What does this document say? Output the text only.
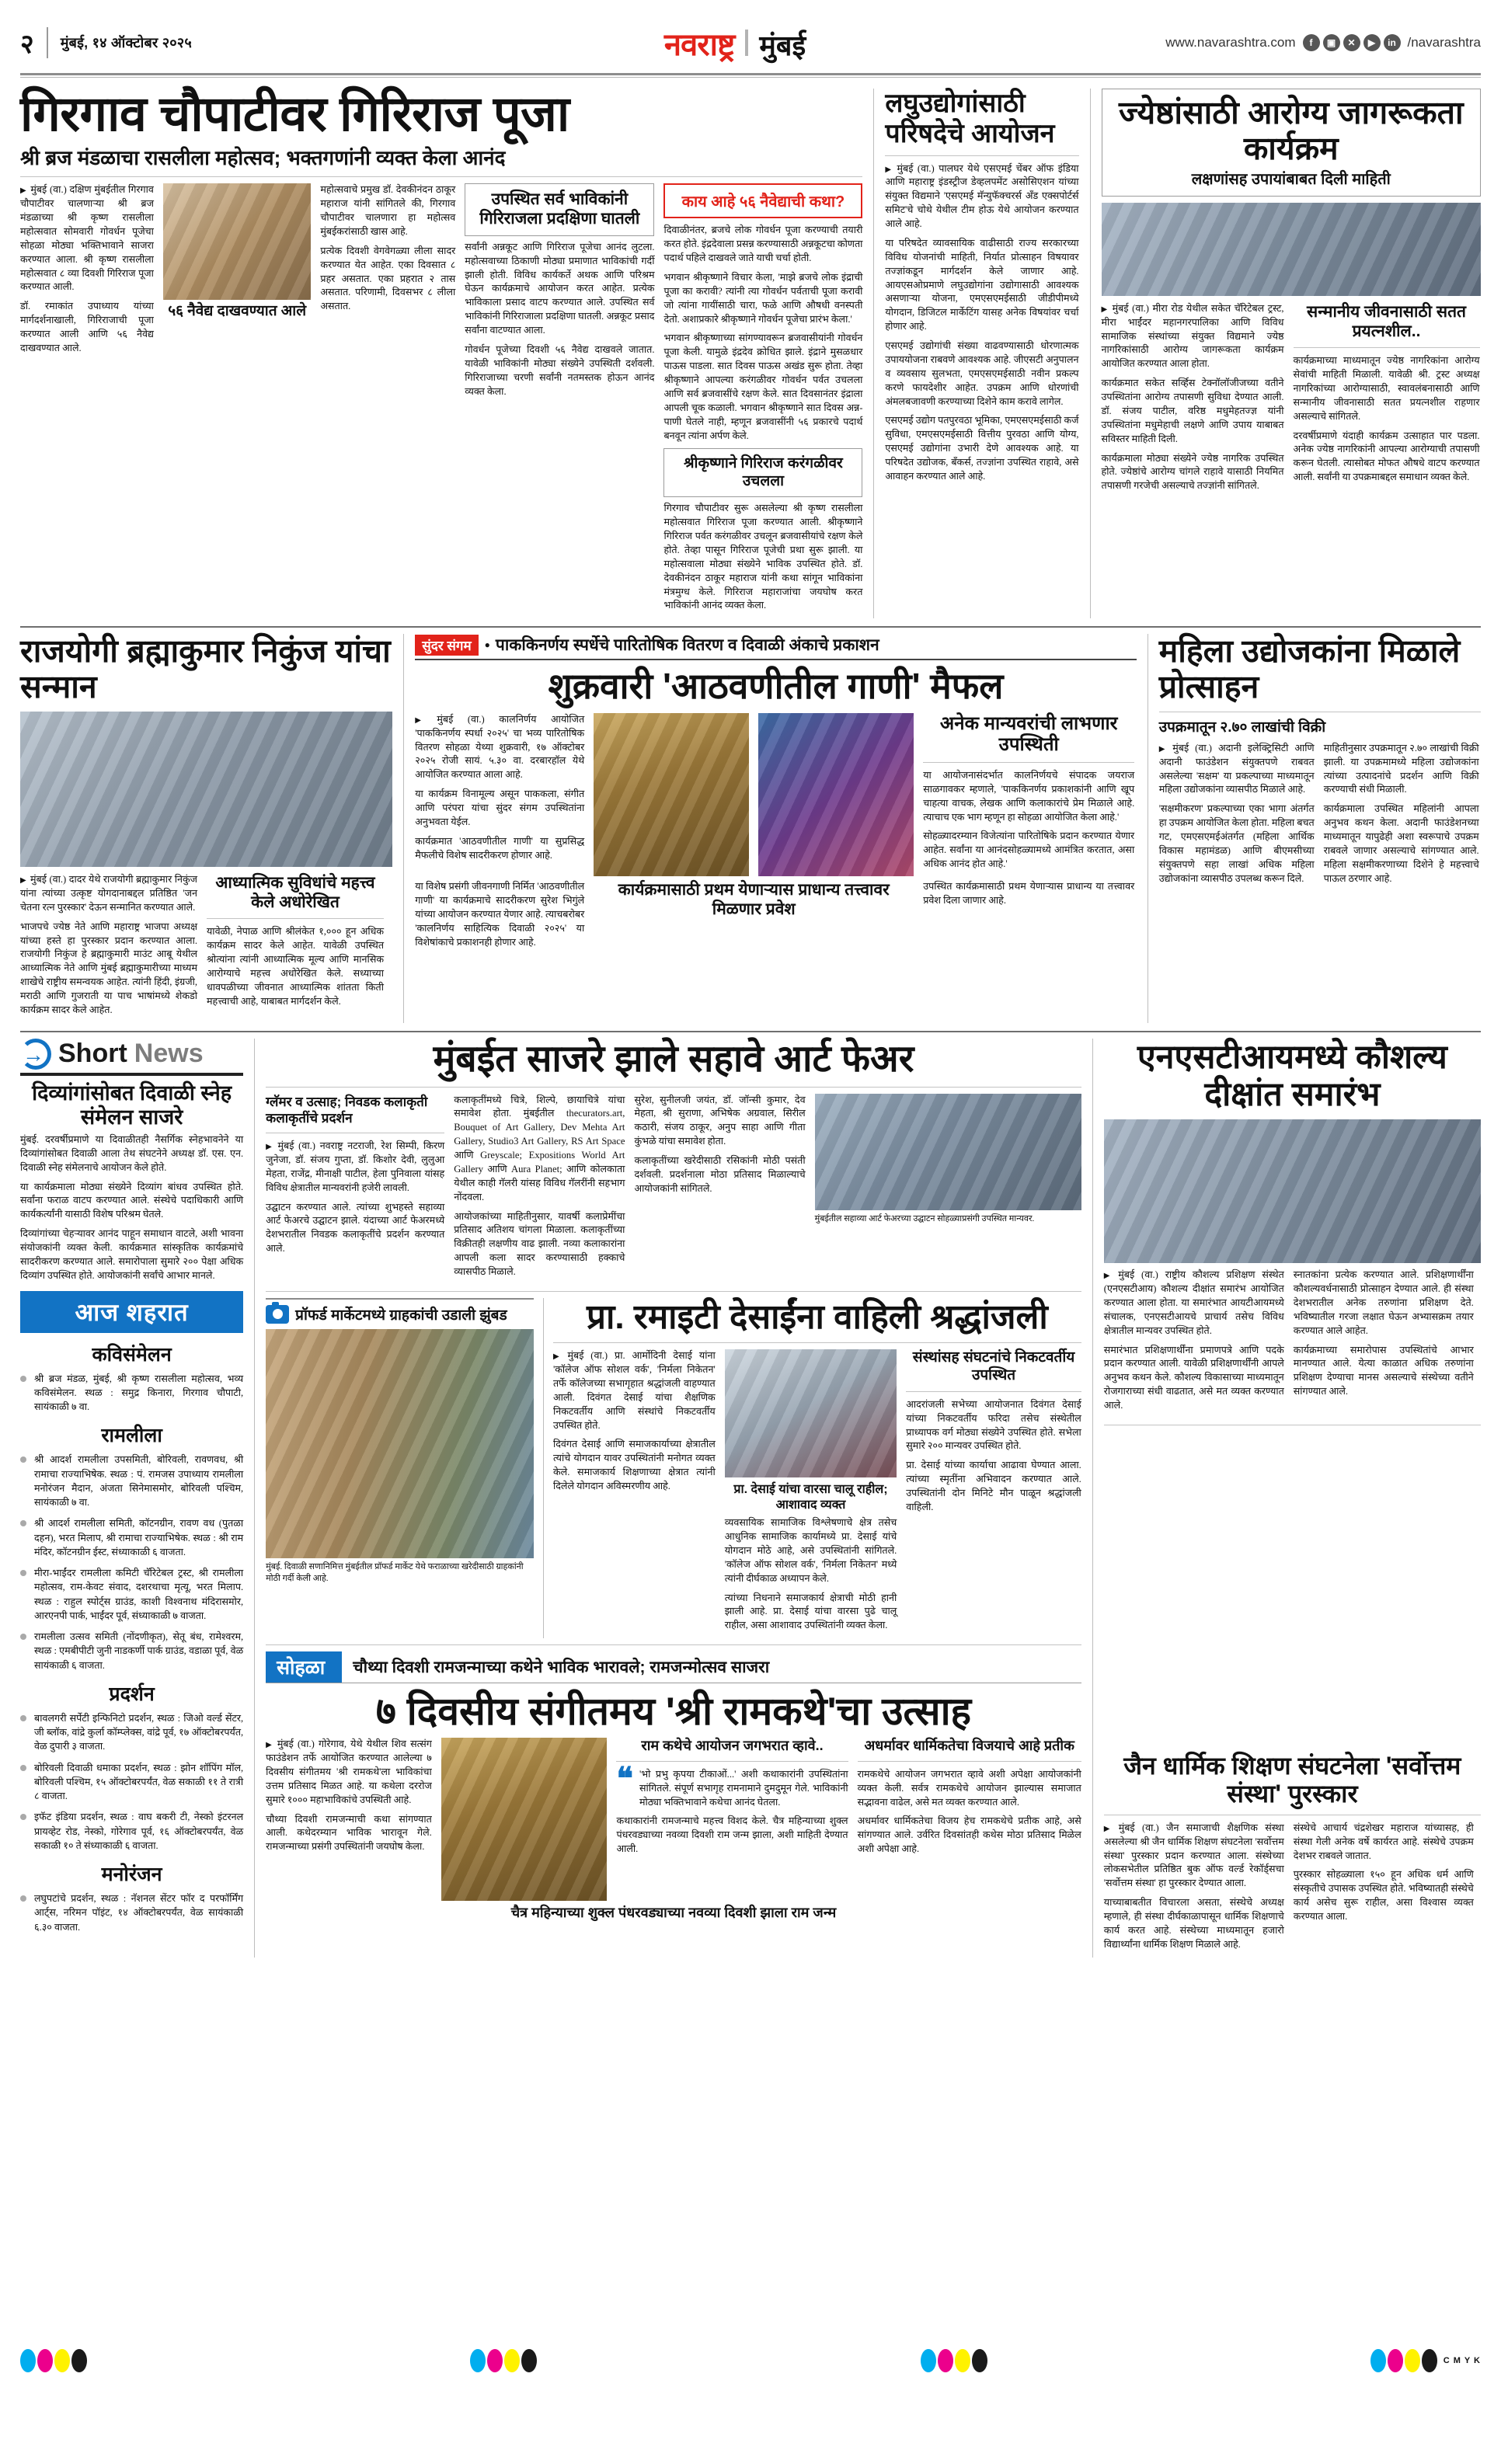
२	मुंबई, १४ ऑक्टोबर २०२५	नवराष्ट्र मुंबई	www.navarashtra.com	f	▣	✕	▶	in /navarashtra
गिरगाव चौपाटीवर गिरिराज पूजा
श्री ब्रज मंडळाचा रासलीला महोत्सव; भक्तगणांनी व्यक्त केला आनंद

▶ मुंबई (वा.) दक्षिण मुंबईतील गिरगाव चौपाटीवर चालणाऱ्या श्री ब्रज मंडळाच्या श्री कृष्ण रासलीला महोत्सवात सोमवारी गोवर्धन पूजेचा सोहळा मोठ्या भक्तिभावाने साजरा करण्यात आला. श्री कृष्ण रासलीला महोत्सवात ८ व्या दिवशी गिरिराज पूजा करण्यात आली.

डॉ. रमाकांत उपाध्याय यांच्या मार्गदर्शनाखाली, गिरिराजाची पूजा करण्यात आली आणि ५६ नैवेद्य दाखवण्यात आले.

५६ नैवेद्य दाखवण्यात आले

महोत्सवाचे प्रमुख डॉ. देवकीनंदन ठाकूर महाराज यांनी सांगितले की, गिरगाव चौपाटीवर चालणारा हा महोत्सव मुंबईकरांसाठी खास आहे.

प्रत्येक दिवशी वेगवेगळ्या लीला सादर करण्यात येत आहेत. एका दिवसात ८ प्रहर असतात. एका प्रहरात २ तास असतात. परिणामी, दिवसभर ८ लीला असतात.

उपस्थित सर्व भाविकांनी गिरिराजला प्रदक्षिणा घातली

सर्वांनी अन्नकूट आणि गिरिराज पूजेचा आनंद लुटला. महोत्सवाच्या ठिकाणी मोठ्या प्रमाणात भाविकांची गर्दी झाली होती. विविध कार्यकर्ते अथक आणि परिश्रम घेऊन कार्यक्रमाचे आयोजन करत आहेत. प्रत्येक भाविकाला प्रसाद वाटप करण्यात आले. उपस्थित सर्व भाविकांनी गिरिराजाला प्रदक्षिणा घातली. अन्नकूट प्रसाद सर्वांना वाटण्यात आला.

गोवर्धन पूजेच्या दिवशी ५६ नैवेद्य दाखवले जातात. यावेळी भाविकांनी मोठ्या संख्येने उपस्थिती दर्शवली. गिरिराजाच्या चरणी सर्वांनी नतमस्तक होऊन आनंद व्यक्त केला.

काय आहे ५६ नैवेद्याची कथा?

दिवाळीनंतर, ब्रजचे लोक गोवर्धन पूजा करण्याची तयारी करत होते. इंद्रदेवाला प्रसन्न करण्यासाठी अन्नकूटचा कोणता पदार्थ पहिले दाखवले जाते याची चर्चा होती.

भगवान श्रीकृष्णाने विचार केला, 'माझे ब्रजचे लोक इंद्राची पूजा का करावी? त्यांनी त्या गोवर्धन पर्वताची पूजा करावी जो त्यांना गायींसाठी चारा, फळे आणि औषधी वनस्पती देतो. अशाप्रकारे श्रीकृष्णाने गोवर्धन पूजेचा प्रारंभ केला.'

भगवान श्रीकृष्णाच्या सांगण्यावरून ब्रजवासीयांनी गोवर्धन पूजा केली. यामुळे इंद्रदेव क्रोधित झाले. इंद्राने मुसळधार पाऊस पाडला. सात दिवस पाऊस अखंड सुरू होता. तेव्हा श्रीकृष्णाने आपल्या करंगळीवर गोवर्धन पर्वत उचलला आणि सर्व ब्रजवासींचे रक्षण केले. सात दिवसानंतर इंद्राला आपली चूक कळाली. भगवान श्रीकृष्णाने सात दिवस अन्न-पाणी घेतले नाही, म्हणून ब्रजवासींनी ५६ प्रकारचे पदार्थ बनवून त्यांना अर्पण केले.

श्रीकृष्णाने गिरिराज करंगळीवर उचलला

गिरगाव चौपाटीवर सुरू असलेल्या श्री कृष्ण रासलीला महोत्सवात गिरिराज पूजा करण्यात आली. श्रीकृष्णाने गिरिराज पर्वत करंगळीवर उचलून ब्रजवासीयांचे रक्षण केले होते. तेव्हा पासून गिरिराज पूजेची प्रथा सुरू झाली. या महोत्सवाला मोठ्या संख्येने भाविक उपस्थित होते. डॉ. देवकीनंदन ठाकूर महाराज यांनी कथा सांगून भाविकांना मंत्रमुग्ध केले. गिरिराज महाराजांचा जयघोष करत भाविकांनी आनंद व्यक्त केला.

लघुउद्योगांसाठी परिषदेचे आयोजन

▶ मुंबई (वा.) पालघर येथे एसएमई चेंबर ऑफ इंडिया आणि महाराष्ट्र इंडस्ट्रीज डेव्हलपमेंट असोसिएशन यांच्या संयुक्त विद्यमाने 'एसएमई मॅन्युफॅक्चरर्स अँड एक्सपोर्टर्स समिट'चे चोथे येथील टीम होऊ येथे आयोजन करण्यात आले आहे.

या परिषदेत व्यावसायिक वाढीसाठी राज्य सरकारच्या विविध योजनांची माहिती, निर्यात प्रोत्साहन विषयावर तज्ज्ञांकडून मार्गदर्शन केले जाणार आहे. आयएसओप्रमाणे लघुउद्योगांना उद्योगासाठी आवश्यक असणाऱ्या योजना, एमएसएमईसाठी जीडीपीमध्ये योगदान, डिजिटल मार्केटिंग यासह अनेक विषयांवर चर्चा होणार आहे.

एसएमई उद्योगांची संख्या वाढवण्यासाठी धोरणात्मक उपाययोजना राबवणे आवश्यक आहे. जीएसटी अनुपालन व व्यवसाय सुलभता, एमएसएमईसाठी नवीन प्रकल्प करणे फायदेशीर आहेत. उपक्रम आणि धोरणांची अंमलबजावणी करण्याच्या दिशेने काम करावे लागेल.

एसएमई उद्योग पतपुरवठा भूमिका, एमएसएमईसाठी कर्ज सुविधा, एमएसएमईसाठी वित्तीय पुरवठा आणि योग्य, एसएमई उद्योगांना उभारी देणे आवश्यक आहे. या परिषदेत उद्योजक, बँकर्स, तज्ज्ञांना उपस्थित राहावे, असे आवाहन करण्यात आले आहे.

ज्येष्ठांसाठी आरोग्य जागरूकता कार्यक्रम
लक्षणांसह उपायांबाबत दिली माहिती

▶ मुंबई (वा.) मीरा रोड येथील सकेत चॅरिटेबल ट्रस्ट, मीरा भाईंदर महानगरपालिका आणि विविध सामाजिक संस्थांच्या संयुक्त विद्यमाने ज्येष्ठ नागरिकांसाठी आरोग्य जागरूकता कार्यक्रम आयोजित करण्यात आला होता.

कार्यक्रमात सकेत सर्व्हिस टेक्नॉलॉजीजच्या वतीने उपस्थितांना आरोग्य तपासणी सुविधा देण्यात आली. डॉ. संजय पाटील, वरिष्ठ मधुमेहतज्ज्ञ यांनी उपस्थितांना मधुमेहाची लक्षणे आणि उपाय याबाबत सविस्तर माहिती दिली.

कार्यक्रमाला मोठ्या संख्येने ज्येष्ठ नागरिक उपस्थित होते. ज्येष्ठांचे आरोग्य चांगले राहावे यासाठी नियमित तपासणी गरजेची असल्याचे तज्ज्ञांनी सांगितले.

सन्मानीय जीवनासाठी सतत प्रयत्नशील..

कार्यक्रमाच्या माध्यमातून ज्येष्ठ नागरिकांना आरोग्य सेवांची माहिती मिळाली. यावेळी श्री. ट्रस्ट अध्यक्ष नागरिकांच्या आरोग्यासाठी, स्वावलंबनासाठी आणि सन्मानीय जीवनासाठी सतत प्रयत्नशील राहणार असल्याचे सांगितले.

दरवर्षीप्रमाणे यंदाही कार्यक्रम उत्साहात पार पडला. अनेक ज्येष्ठ नागरिकांनी आपल्या आरोग्याची तपासणी करून घेतली. त्यासोबत मोफत औषधे वाटप करण्यात आली. सर्वांनी या उपक्रमाबद्दल समाधान व्यक्त केले.

राजयोगी ब्रह्माकुमार निकुंज यांचा सन्मान

▶ मुंबई (वा.) दादर येथे राजयोगी ब्रह्माकुमार निकुंज यांना त्यांच्या उत्कृष्ट योगदानाबद्दल प्रतिष्ठित 'जन चेतना रत्न पुरस्कार' देऊन सन्मानित करण्यात आले.

भाजपचे ज्येष्ठ नेते आणि महाराष्ट्र भाजपा अध्यक्ष यांच्या हस्ते हा पुरस्कार प्रदान करण्यात आला. राजयोगी निकुंज हे ब्रह्माकुमारी माउंट आबू येथील आध्यात्मिक नेते आणि मुंबई ब्रह्माकुमारीच्या माध्यम शाखेचे राष्ट्रीय समन्वयक आहेत. त्यांनी हिंदी, इंग्रजी, मराठी आणि गुजराती या पाच भाषांमध्ये शेकडो कार्यक्रम सादर केले आहेत.

आध्यात्मिक सुविधांचे महत्त्व केले अधोरेखित

यावेळी, नेपाळ आणि श्रीलंकेत १,००० हून अधिक कार्यक्रम सादर केले आहेत. यावेळी उपस्थित श्रोत्यांना त्यांनी आध्यात्मिक मूल्य आणि मानसिक आरोग्याचे महत्त्व अधोरेखित केले. सध्याच्या धावपळीच्या जीवनात आध्यात्मिक शांतता किती महत्त्वाची आहे, याबाबत मार्गदर्शन केले.

सुंदर संगम	● पाककिनर्णय स्पर्धेचे पारितोषिक वितरण व दिवाळी अंकाचे प्रकाशन
शुक्रवारी 'आठवणीतील गाणी' मैफल

▶ मुंबई (वा.) कालनिर्णय आयोजित 'पाककिनर्णय स्पर्धा २०२५' चा भव्य पारितोषिक वितरण सोहळा येथ्या शुक्रवारी, १७ ऑक्टोबर २०२५ रोजी सायं. ५.३० वा. दरबारहॉल येथे आयोजित करण्यात आला आहे.

या कार्यक्रम विनामूल्य असून पाककला, संगीत आणि परंपरा यांचा सुंदर संगम उपस्थितांना अनुभवता येईल.

कार्यक्रमात 'आठवणीतील गाणी' या सुप्रसिद्ध मैफलीचे विशेष सादरीकरण होणार आहे.

अनेक मान्यवरांची लाभणार उपस्थिती

या आयोजनासंदर्भात कालनिर्णयचे संपादक जयराज साळगावकर म्हणाले, 'पाककिनर्णय प्रकाशकांनी आणि खूप चाहत्या वाचक, लेखक आणि कलाकारांचे प्रेम मिळाले आहे. त्याचाच एक भाग म्हणून हा सोहळा आयोजित केला आहे.'

सोहळ्यादरम्यान विजेत्यांना पारितोषिके प्रदान करण्यात येणार आहेत. सर्वांना या आनंदसोहळ्यामध्ये आमंत्रित करतात, असा अधिक आनंद होत आहे.'

या विशेष प्रसंगी जीवनगाणी निर्मित 'आठवणीतील गाणी' या कार्यक्रमाचे सादरीकरण सुरेश भिगुंले यांच्या आयोजन करण्यात येणार आहे. त्याचबरोबर 'कालनिर्णय साहित्यिक दिवाळी २०२५' या विशेषांकाचे प्रकाशनही होणार आहे.

कार्यक्रमासाठी प्रथम येणाऱ्यास प्राधान्य तत्त्वावर मिळणार प्रवेश

उपस्थित कार्यक्रमासाठी प्रथम येणाऱ्यास प्राधान्य या तत्त्वावर प्रवेश दिला जाणार आहे.

महिला उद्योजकांना मिळाले प्रोत्साहन
उपक्रमातून २.७० लाखांची विक्री

▶ मुंबई (वा.) अदानी इलेक्ट्रिसिटी आणि अदानी फाउंडेशन संयुक्तपणे राबवत असलेल्या 'सक्षम' या प्रकल्पाच्या माध्यमातून महिला उद्योजकांना व्यासपीठ मिळाले आहे.

'सक्षमीकरण' प्रकल्पाच्या एका भागा अंतर्गत हा उपक्रम आयोजित केला होता. महिला बचत गट, एमएसएमईअंतर्गत (महिला आर्थिक विकास महामंडळ) आणि बीएमसीच्या संयुक्तपणे सहा लाखां अधिक महिला उद्योजकांना व्यासपीठ उपलब्ध करून दिले.

माहितीनुसार उपक्रमातून २.७० लाखांची विक्री झाली. या उपक्रमामध्ये महिला उद्योजकांना त्यांच्या उत्पादनांचे प्रदर्शन आणि विक्री करण्याची संधी मिळाली.

कार्यक्रमाला उपस्थित महिलांनी आपला अनुभव कथन केला. अदानी फाउंडेशनच्या माध्यमातून यापुढेही अशा स्वरूपाचे उपक्रम राबवले जाणार असल्याचे सांगण्यात आले. महिला सक्षमीकरणाच्या दिशेने हे महत्त्वाचे पाऊल ठरणार आहे.

→
Short News
दिव्यांगांसोबत दिवाळी स्नेह संमेलन साजरे

मुंबई. दरवर्षीप्रमाणे या दिवाळीतही नैसर्गिक स्नेहभावनेने या दिव्यांगांसोबत दिवाळी आला तेथ संघटनेने अध्यक्ष डॉ. एस. एन. दिवाळी स्नेह संमेलनाचे आयोजन केले होते.

या कार्यक्रमाला मोठ्या संख्येने दिव्यांग बांधव उपस्थित होते. सर्वांना फराळ वाटप करण्यात आले. संस्थेचे पदाधिकारी आणि कार्यकर्त्यांनी यासाठी विशेष परिश्रम घेतले.

दिव्यांगांच्या चेहऱ्यावर आनंद पाहून समाधान वाटले, अशी भावना संयोजकांनी व्यक्त केली. कार्यक्रमात सांस्कृतिक कार्यक्रमांचे सादरीकरण करण्यात आले. समारोपाला सुमारे २०० पेक्षा अधिक दिव्यांग उपस्थित होते. आयोजकांनी सर्वांचे आभार मानले.

आज शहरात
कविसंमेलन
श्री ब्रज मंडळ, मुंबई, श्री कृष्ण रासलीला महोत्सव, भव्य कविसंमेलन. स्थळ : समुद्र किनारा, गिरगाव चौपाटी, सायंकाळी ७ वा.
रामलीला
श्री आदर्श रामलीला उपसमिती, बोरिवली, रावणवध, श्री रामाचा राज्याभिषेक. स्थळ : पं. रामजस उपाध्याय रामलीला मनोरंजन मैदान, अंजता सिनेमासमोर, बोरिवली पश्चिम, सायंकाळी ७ वा.
श्री आदर्श रामलीला समिती, कॉटनग्रीन, रावण वध (पुतळा दहन), भरत मिलाप, श्री रामाचा राज्याभिषेक. स्थळ : श्री राम मंदिर, कॉटनग्रीन ईस्ट, संध्याकाळी ६ वाजता.
मीरा-भाईंदर रामलीला कमिटी चॅरिटेबल ट्रस्ट, श्री रामलीला महोत्सव, राम-केवट संवाद, दशरथाचा मृत्यू, भरत मिलाप. स्थळ : राहुल स्पोर्ट्स ग्राउंड, काशी विश्वनाथ मंदिरासमोर, आरएनपी पार्क, भाईंदर पूर्व, संध्याकाळी ७ वाजता.
रामलीला उत्सव समिती (नोंदणीकृत), सेतू बंध, रामेश्वरम, स्थळ : एमबीपीटी जुनी नाडकर्णी पार्क ग्राउंड, वडाळा पूर्व, वेळ सायंकाळी ६ वाजता.
प्रदर्शन
बावलगरी सर्पेटी इन्फिनिटो प्रदर्शन, स्थळ : जिओ वर्ल्ड सेंटर, जी ब्लॉक, वांद्रे कुर्ला कॉम्प्लेक्स, वांद्रे पूर्व, १७ ऑक्टोबरपर्यंत, वेळ दुपारी ३ वाजता.
बोरिवली दिवाळी धमाका प्रदर्शन, स्थळ : झोन शॉपिंग मॉल, बोरिवली पश्चिम, १५ ऑक्टोबरपर्यंत, वेळ सकाळी ११ ते रात्री ८ वाजता.
इफॅट इंडिया प्रदर्शन, स्थळ : वाघ बकरी टी, नेस्को इंटरनल प्रायव्हेट रोड, नेस्को, गोरेगाव पूर्व, १६ ऑक्टोबरपर्यंत, वेळ सकाळी १० ते संध्याकाळी ६ वाजता.
मनोरंजन
लघुपटांचे प्रदर्शन, स्थळ : नॅशनल सेंटर फॉर द परफॉर्मिंग आर्ट्स, नरिमन पॉइंट, १४ ऑक्टोबरपर्यंत, वेळ सायंकाळी ६.३० वाजता.
मुंबईत साजरे झाले सहावे आर्ट फेअर
ग्लॅमर व उत्साह; निवडक कलाकृती कलाकृतींचे प्रदर्शन

▶ मुंबई (वा.) नवराष्ट्र नटराजी, रेश सिम्पी, किरण जुनेजा, डॉ. संजय गुप्ता, डॉ. किशोर देवी, लुलुआ मेहता, राजेंद्र, मीनाक्षी पाटील, हेला पुनिवाला यांसह विविध क्षेत्रातील मान्यवरांनी हजेरी लावली.

उद्घाटन करण्यात आले. त्यांच्या शुभहस्ते सहाव्या आर्ट फेअरचे उद्घाटन झाले. यंदाच्या आर्ट फेअरमध्ये देशभरातील निवडक कलाकृतींचे प्रदर्शन करण्यात आले.

कलाकृतींमध्ये चित्रे, शिल्पे, छायाचित्रे यांचा समावेश होता. मुंबईतील thecurators.art, Bouquet of Art Gallery, Dev Mehta Art Gallery, Studio3 Art Gallery, RS Art Space आणि Greyscale; Expositions World Art Gallery आणि Aura Planet; आणि कोलकाता येथील काही गॅलरी यांसह विविध गॅलरींनी सहभाग नोंदवला.

आयोजकांच्या माहितीनुसार, यावर्षी कलाप्रेमींचा प्रतिसाद अतिशय चांगला मिळाला. कलाकृतींच्या विक्रीतही लक्षणीय वाढ झाली. नव्या कलाकारांना आपली कला सादर करण्यासाठी हक्काचे व्यासपीठ मिळाले.

सुरेश, सुनीलजी जयंत, डॉ. जॉन्सी कुमार, देव मेहता, श्री सुराणा, अभिषेक अग्रवाल, सिरील कठारी, संजय ठाकूर, अनुप साहा आणि गीता कुंभळे यांचा समावेश होता.

कलाकृतींच्या खरेदीसाठी रसिकांनी मोठी पसंती दर्शवली. प्रदर्शनाला मोठा प्रतिसाद मिळाल्याचे आयोजकांनी सांगितले.

मुंबईतील सहाव्या आर्ट फेअरच्या उद्घाटन सोहळ्याप्रसंगी उपस्थित मान्यवर.
प्रॉफर्ड मार्केटमध्ये ग्राहकांची उडाली झुंबड
मुंबई. दिवाळी सणानिमित्त मुंबईतील प्रॉफर्ड मार्केट येथे फराळाच्या खरेदीसाठी ग्राहकांनी मोठी गर्दी केली आहे.
प्रा. रमाइटी देसाईंना वाहिली श्रद्धांजली

▶ मुंबई (वा.) प्रा. आर्मोदिनी देसाई यांना 'कॉलेज ऑफ सोशल वर्क', 'निर्मला निकेतन' तर्फे कॉलेजच्या सभागृहात श्रद्धांजली वाहण्यात आली. दिवंगत देसाई यांचा शैक्षणिक निकटवर्तीय आणि संस्थांचे निकटवर्तीय उपस्थित होते.

दिवंगत देसाई आणि समाजकार्याच्या क्षेत्रातील त्यांचे योगदान यावर उपस्थितांनी मनोगत व्यक्त केले. समाजकार्य शिक्षणाच्या क्षेत्रात त्यांनी दिलेले योगदान अविस्मरणीय आहे.	प्रा. देसाई यांचा वारसा चालू राहील; आशावाद व्यक्त

व्यवसायिक सामाजिक विश्लेषणाचे क्षेत्र तसेच आधुनिक सामाजिक कार्यामध्ये प्रा. देसाई यांचे योगदान मोठे आहे, असे उपस्थितांनी सांगितले. 'कॉलेज ऑफ सोशल वर्क', 'निर्मला निकेतन' मध्ये त्यांनी दीर्घकाळ अध्यापन केले.

त्यांच्या निधनाने समाजकार्य क्षेत्राची मोठी हानी झाली आहे. प्रा. देसाई यांचा वारसा पुढे चालू राहील, असा आशावाद उपस्थितांनी व्यक्त केला.

संस्थांसह संघटनांचे निकटवर्तीय उपस्थित

आदरांजली सभेच्या आयोजनात दिवंगत देसाई यांच्या निकटवर्तीय फरिदा तसेच संस्थेतील प्राध्यापक वर्ग मोठ्या संख्येने उपस्थित होते. सभेला सुमारे २०० मान्यवर उपस्थित होते.

प्रा. देसाई यांच्या कार्याचा आढावा घेण्यात आला. त्यांच्या स्मृतींना अभिवादन करण्यात आले. उपस्थितांनी दोन मिनिटे मौन पाळून श्रद्धांजली वाहिली.

सोहळा	चौथ्या दिवशी रामजन्माच्या कथेने भाविक भारावले; रामजन्मोत्सव साजरा
७ दिवसीय संगीतमय 'श्री रामकथे'चा उत्साह

▶ मुंबई (वा.) गोरेगाव, येथे येथील शिव सत्संग फाउंडेशन तर्फे आयोजित करण्यात आलेल्या ७ दिवसीय संगीतमय 'श्री रामकथे'ला भाविकांचा उत्तम प्रतिसाद मिळत आहे. या कथेला दररोज सुमारे १००० महाभाविकांचे उपस्थिती आहे.

चौथ्या दिवशी रामजन्माची कथा सांगण्यात आली. कथेदरम्यान भाविक भारावून गेले. रामजन्माच्या प्रसंगी उपस्थितांनी जयघोष केला.

राम कथेचे आयोजन जगभरात व्हावे..
❝ 'भो प्रभु कृपया टीकाओं...' अशी कथाकारांनी उपस्थितांना सांगितले. संपूर्ण सभागृह रामनामाने दुमदुमून गेले. भाविकांनी मोठ्या भक्तिभावाने कथेचा आनंद घेतला.

कथाकारांनी रामजन्माचे महत्त्व विशद केले. चैत्र महिन्याच्या शुक्ल पंधरवड्याच्या नवव्या दिवशी राम जन्म झाला, अशी माहिती देण्यात आली.

अधर्मावर धार्मिकतेचा विजयाचे आहे प्रतीक

रामकथेचे आयोजन जगभरात व्हावे अशी अपेक्षा आयोजकांनी व्यक्त केली. सर्वत्र रामकथेचे आयोजन झाल्यास समाजात सद्भावना वाढेल, असे मत व्यक्त करण्यात आले.

अधर्मावर धार्मिकतेचा विजय हेच रामकथेचे प्रतीक आहे, असे सांगण्यात आले. उर्वरित दिवसांतही कथेस मोठा प्रतिसाद मिळेल अशी अपेक्षा आहे.

चैत्र महिन्याच्या शुक्ल पंधरवड्याच्या नवव्या दिवशी झाला राम जन्म
एनएसटीआयमध्ये कौशल्य दीक्षांत समारंभ

▶ मुंबई (वा.) राष्ट्रीय कौशल्य प्रशिक्षण संस्थेत (एनएसटीआय) कौशल्य दीक्षांत समारंभ आयोजित करण्यात आला होता. या समारंभात आयटीआयमध्ये संचालक, एनएसटीआयचे प्राचार्य तसेच विविध क्षेत्रातील मान्यवर उपस्थित होते.

समारंभात प्रशिक्षणार्थींना प्रमाणपत्रे आणि पदके प्रदान करण्यात आली. यावेळी प्रशिक्षणार्थींनी आपले अनुभव कथन केले. कौशल्य विकासाच्या माध्यमातून रोजगाराच्या संधी वाढतात, असे मत व्यक्त करण्यात आले.

स्नातकांना प्रत्येक करण्यात आले. प्रशिक्षणार्थींना कौशल्यवर्धनासाठी प्रोत्साहन देण्यात आले. ही संस्था देशभरातील अनेक तरुणांना प्रशिक्षण देते. भविष्यातील गरजा लक्षात घेऊन अभ्यासक्रम तयार करण्यात आले आहेत.

कार्यक्रमाच्या समारोपास उपस्थितांचे आभार मानण्यात आले. येत्या काळात अधिक तरुणांना प्रशिक्षण देण्याचा मानस असल्याचे संस्थेच्या वतीने सांगण्यात आले.

जैन धार्मिक शिक्षण संघटनेला 'सर्वोत्तम संस्था' पुरस्कार

▶ मुंबई (वा.) जैन समाजाची शैक्षणिक संस्था असलेल्या श्री जैन धार्मिक शिक्षण संघटनेला 'सर्वोत्तम संस्था' पुरस्कार प्रदान करण्यात आला. संस्थेच्या लोकसभेतील प्रतिष्ठित बुक ऑफ वर्ल्ड रेकॉर्ड्सचा 'सर्वोत्तम संस्था' हा पुरस्कार देण्यात आला.

याच्याबाबतीत विचारला असता, संस्थेचे अध्यक्ष म्हणाले, ही संस्था दीर्घकाळापासून धार्मिक शिक्षणाचे कार्य करत आहे. संस्थेच्या माध्यमातून हजारो विद्यार्थ्यांना धार्मिक शिक्षण मिळाले आहे.

संस्थेचे आचार्य चंद्रशेखर महाराज यांच्यासह, ही संस्था गेली अनेक वर्षे कार्यरत आहे. संस्थेचे उपक्रम देशभर राबवले जातात.

पुरस्कार सोहळ्याला १५० हून अधिक धर्म आणि संस्कृतीचे उपासक उपस्थित होते. भविष्यातही संस्थेचे कार्य असेच सुरू राहील, असा विश्वास व्यक्त करण्यात आला.

C M Y K
